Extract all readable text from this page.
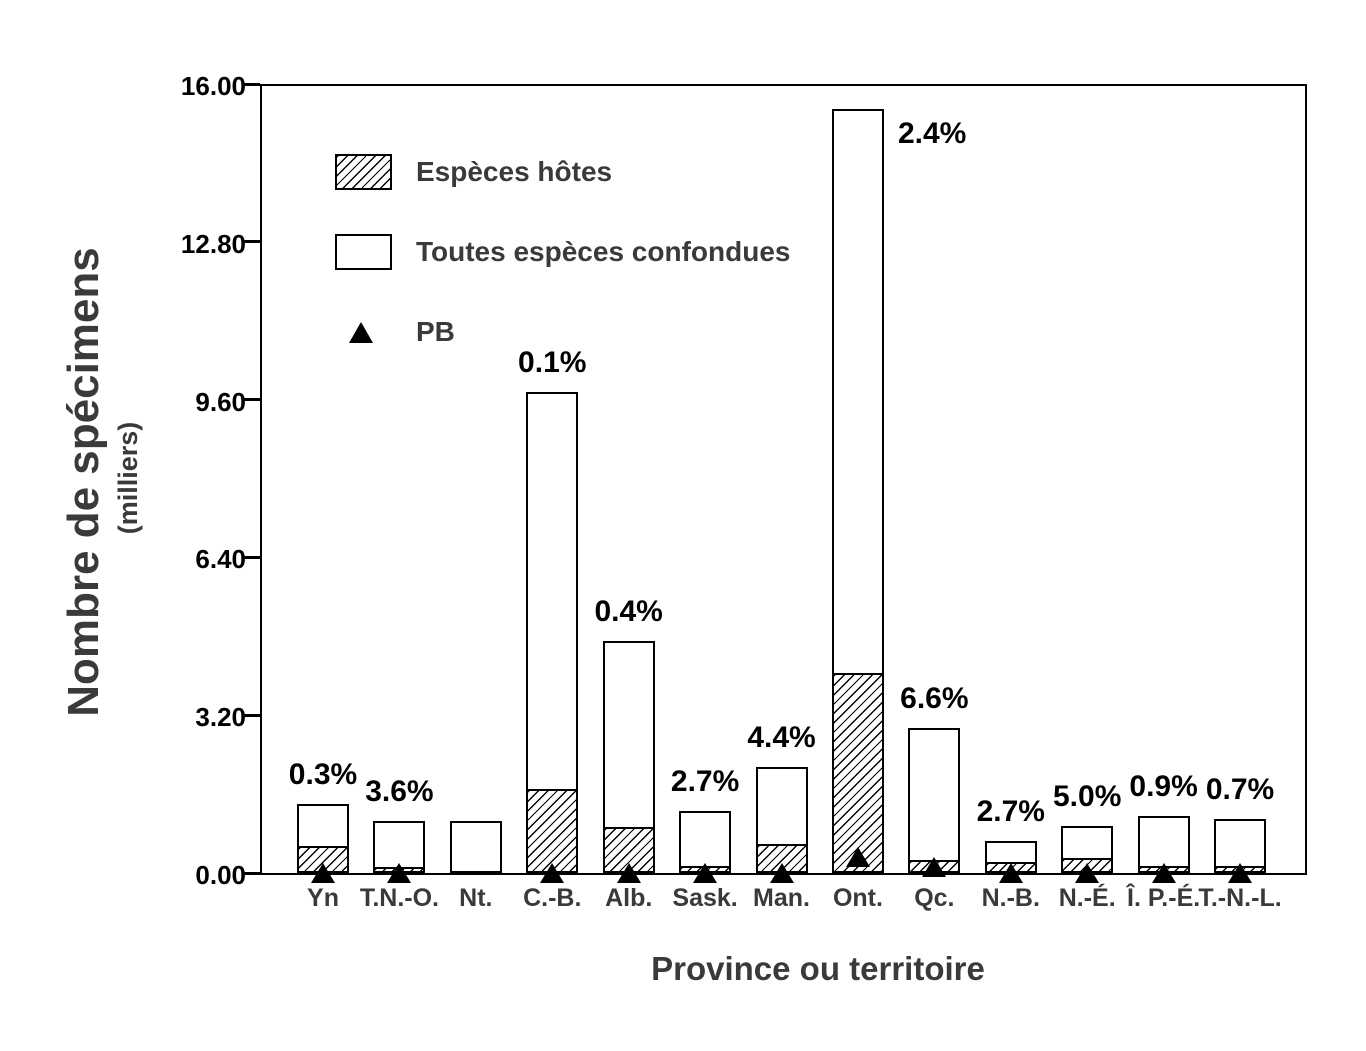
Nombre de spécimens (milliers)
Espèces hôtes
Toutes espèces confondues
PB
0.00
3.20
6.40
9.60
12.80
16.00
0.3%
3.6%
0.1%
0.4%
2.7%
4.4%
2.4%
6.6%
2.7% 5.0% 0.9% 0.7%
Yn T.N.-O. Nt.	C.-B. Alb. Sask. Man. Ont.	Qc.	N.-B. N.-É. Î. P.-É.
T.-N.-L.
Province ou territoire
